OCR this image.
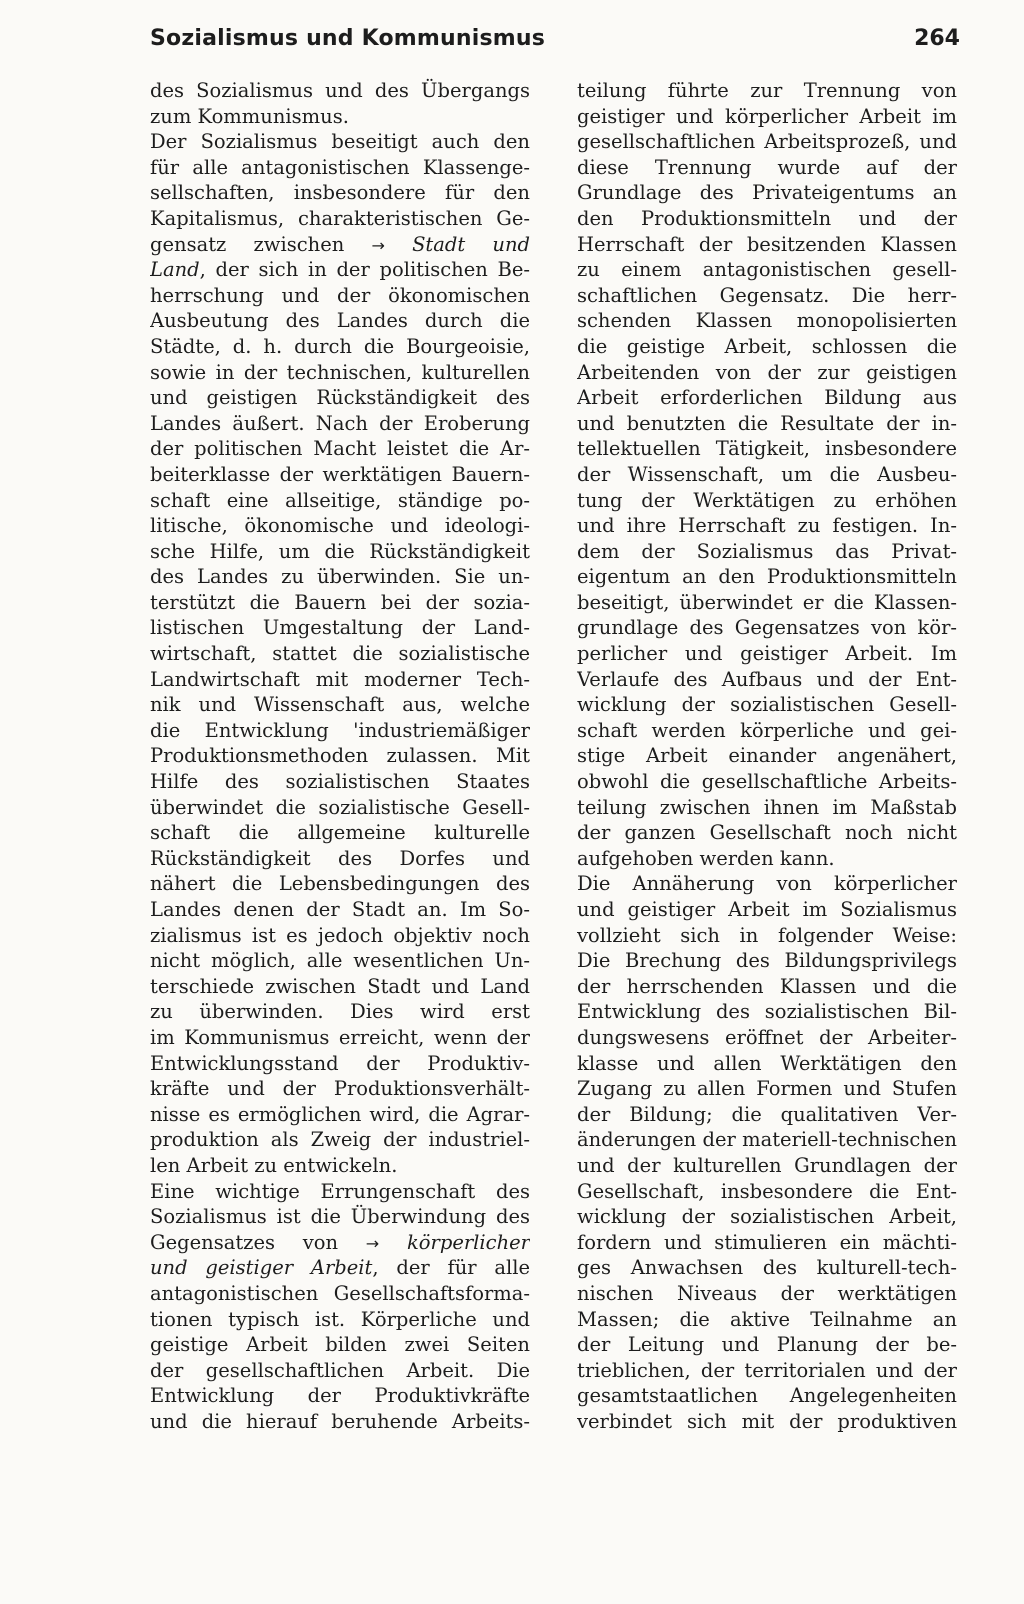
Sozialismus und Kommunismus	264
des Sozialismus und des Übergangs
zum Kommunismus.
Der Sozialismus beseitigt auch den
für alle antagonistischen Klassenge-
sellschaften, insbesondere für den
Kapitalismus, charakteristischen Ge-
gensatz zwischen → Stadt und
Land, der sich in der politischen Be-
herrschung und der ökonomischen
Ausbeutung des Landes durch die
Städte, d. h. durch die Bourgeoisie,
sowie in der technischen, kulturellen
und geistigen Rückständigkeit des
Landes äußert. Nach der Eroberung
der politischen Macht leistet die Ar-
beiterklasse der werktätigen Bauern-
schaft eine allseitige, ständige po-
litische, ökonomische und ideologi-
sche Hilfe, um die Rückständigkeit
des Landes zu überwinden. Sie un-
terstützt die Bauern bei der sozia-
listischen Umgestaltung der Land-
wirtschaft, stattet die sozialistische
Landwirtschaft mit moderner Tech-
nik und Wissenschaft aus, welche
die Entwicklung 'industriemäßiger
Produktionsmethoden zulassen. Mit
Hilfe des sozialistischen Staates
überwindet die sozialistische Gesell-
schaft die allgemeine kulturelle
Rückständigkeit des Dorfes und
nähert die Lebensbedingungen des
Landes denen der Stadt an. Im So-
zialismus ist es jedoch objektiv noch
nicht möglich, alle wesentlichen Un-
terschiede zwischen Stadt und Land
zu überwinden. Dies wird erst
im Kommunismus erreicht, wenn der
Entwicklungsstand der Produktiv-
kräfte und der Produktionsverhält-
nisse es ermöglichen wird, die Agrar-
produktion als Zweig der industriel-
len Arbeit zu entwickeln.
Eine wichtige Errungenschaft des
Sozialismus ist die Überwindung des
Gegensatzes von → körperlicher
und geistiger Arbeit, der für alle
antagonistischen Gesellschaftsforma-
tionen typisch ist. Körperliche und
geistige Arbeit bilden zwei Seiten
der gesellschaftlichen Arbeit. Die
Entwicklung der Produktivkräfte
und die hierauf beruhende Arbeits-
teilung führte zur Trennung von
geistiger und körperlicher Arbeit im
gesellschaftlichen Arbeitsprozeß, und
diese Trennung wurde auf der
Grundlage des Privateigentums an
den Produktionsmitteln und der
Herrschaft der besitzenden Klassen
zu einem antagonistischen gesell-
schaftlichen Gegensatz. Die herr-
schenden Klassen monopolisierten
die geistige Arbeit, schlossen die
Arbeitenden von der zur geistigen
Arbeit erforderlichen Bildung aus
und benutzten die Resultate der in-
tellektuellen Tätigkeit, insbesondere
der Wissenschaft, um die Ausbeu-
tung der Werktätigen zu erhöhen
und ihre Herrschaft zu festigen. In-
dem der Sozialismus das Privat-
eigentum an den Produktionsmitteln
beseitigt, überwindet er die Klassen-
grundlage des Gegensatzes von kör-
perlicher und geistiger Arbeit. Im
Verlaufe des Aufbaus und der Ent-
wicklung der sozialistischen Gesell-
schaft werden körperliche und gei-
stige Arbeit einander angenähert,
obwohl die gesellschaftliche Arbeits-
teilung zwischen ihnen im Maßstab
der ganzen Gesellschaft noch nicht
aufgehoben werden kann.
Die Annäherung von körperlicher
und geistiger Arbeit im Sozialismus
vollzieht sich in folgender Weise:
Die Brechung des Bildungsprivilegs
der herrschenden Klassen und die
Entwicklung des sozialistischen Bil-
dungswesens eröffnet der Arbeiter-
klasse und allen Werktätigen den
Zugang zu allen Formen und Stufen
der Bildung; die qualitativen Ver-
änderungen der materiell-technischen
und der kulturellen Grundlagen der
Gesellschaft, insbesondere die Ent-
wicklung der sozialistischen Arbeit,
fordern und stimulieren ein mächti-
ges Anwachsen des kulturell-tech-
nischen Niveaus der werktätigen
Massen; die aktive Teilnahme an
der Leitung und Planung der be-
trieblichen, der territorialen und der
gesamtstaatlichen Angelegenheiten
verbindet sich mit der produktiven
